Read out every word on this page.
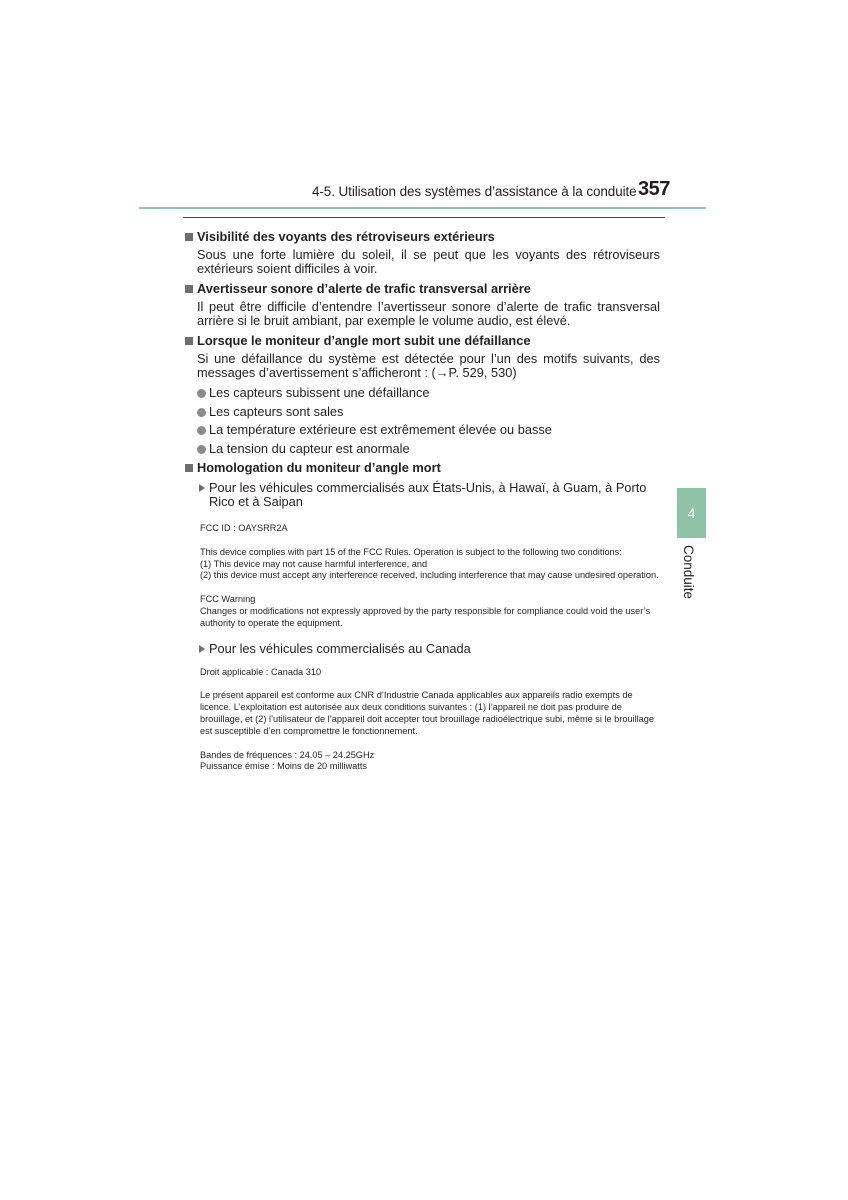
4-5. Utilisation des systèmes d’assistance à la conduite 357
4
Conduite
Visibilité des voyants des rétroviseurs extérieurs
Sous une forte lumière du soleil, il se peut que les voyants des rétroviseurs extérieurs soient difficiles à voir.
Avertisseur sonore d’alerte de trafic transversal arrière
Il peut être difficile d’entendre l’avertisseur sonore d’alerte de trafic transversal arrière si le bruit ambiant, par exemple le volume audio, est élevé.
Lorsque le moniteur d’angle mort subit une défaillance
Si une défaillance du système est détectée pour l’un des motifs suivants, des messages d’avertissement s’afficheront : (→P. 529, 530)
Les capteurs subissent une défaillance
Les capteurs sont sales
La température extérieure est extrêmement élevée ou basse
La tension du capteur est anormale
Homologation du moniteur d’angle mort
Pour les véhicules commercialisés aux États-Unis, à Hawaï, à Guam, à Porto Rico et à Saipan
FCC ID : OAYSRR2A
This device complies with part 15 of the FCC Rules. Operation is subject to the following two conditions:
(1) This device may not cause harmful interference, and
(2) this device must accept any interference received, including interference that may cause undesired operation.
FCC Warning
Changes or modifications not expressly approved by the party responsible for compliance could void the user’s authority to operate the equipment.
Pour les véhicules commercialisés au Canada
Droit applicable : Canada 310
Le présent appareil est conforme aux CNR d’Industrie Canada applicables aux appareils radio exempts de licence. L’exploitation est autorisée aux deux conditions suivantes : (1) l’appareil ne doit pas produire de brouillage, et (2) l’utilisateur de l’appareil doit accepter tout brouillage radioélectrique subi, même si le brouillage est susceptible d’en compromettre le fonctionnement.
Bandes de fréquences : 24.05 – 24.25GHz
Puissance émise : Moins de 20 milliwatts
